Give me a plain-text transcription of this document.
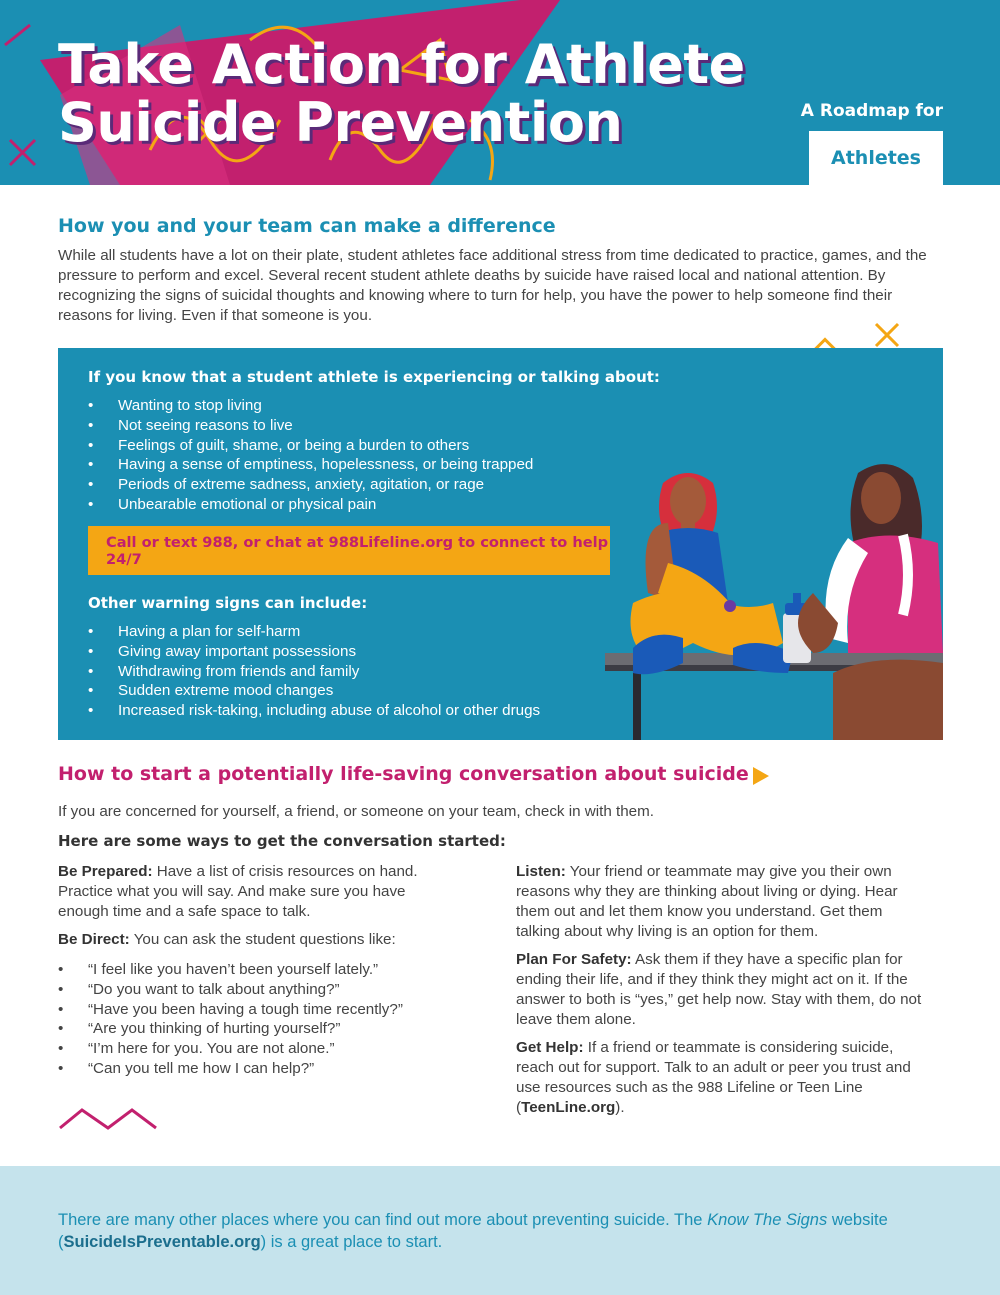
Take Action for Athlete
Suicide Prevention	A Roadmap for
Athletes
How you and your team can make a difference
While all students have a lot on their plate, student athletes face additional stress from time dedicated to practice, games, and the pressure to perform and excel. Several recent student athlete deaths by suicide have raised local and national attention. By recognizing the signs of suicidal thoughts and knowing where to turn for help, you have the power to help someone find their reasons for living. Even if that someone is you.
If you know that a student athlete is experiencing or talking about:
• Wanting to stop living
• Not seeing reasons to live
• Feelings of guilt, shame, or being a burden to others
• Having a sense of emptiness, hopelessness, or being trapped
• Periods of extreme sadness, anxiety, agitation, or rage
• Unbearable emotional or physical pain
Call or text 988, or chat at 988Lifeline.org to connect to help 24/7
Other warning signs can include:
• Having a plan for self-harm
• Giving away important possessions
• Withdrawing from friends and family
• Sudden extreme mood changes
• Increased risk-taking, including abuse of alcohol or other drugs
How to start a potentially life-saving conversation about suicide
If you are concerned for yourself, a friend, or someone on your team, check in with them.
Here are some ways to get the conversation started:

Be Prepared: Have a list of crisis resources on hand. Practice what you will say. And make sure you have enough time and a safe space to talk.

Be Direct: You can ask the student questions like:

• “I feel like you haven’t been yourself lately.”
• “Do you want to talk about anything?”
• “Have you been having a tough time recently?”
• “Are you thinking of hurting yourself?”
• “I’m here for you. You are not alone.”
• “Can you tell me how I can help?”

Listen: Your friend or teammate may give you their own reasons why they are thinking about living or dying. Hear them out and let them know you understand. Get them talking about why living is an option for them.

Plan For Safety: Ask them if they have a specific plan for ending their life, and if they think they might act on it. If the answer to both is “yes,” get help now. Stay with them, do not leave them alone.

Get Help: If a friend or teammate is considering suicide, reach out for support. Talk to an adult or peer you trust and use resources such as the 988 Lifeline or Teen Line (TeenLine.org).

There are many other places where you can find out more about preventing suicide. The Know The Signs website (SuicideIsPreventable.org) is a great place to start.
